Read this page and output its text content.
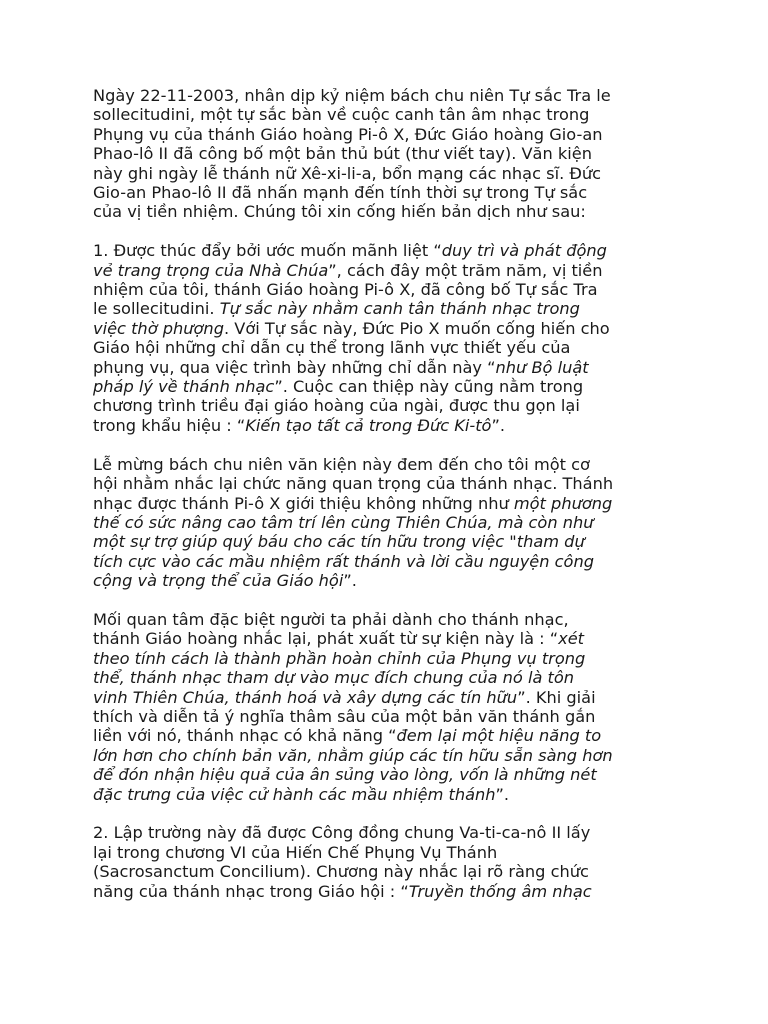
Ngày 22-11-2003, nhân dịp kỷ niệm bách chu niên Tự sắc Tra le
sollecitudini, một tự sắc bàn về cuộc canh tân âm nhạc trong
Phụng vụ của thánh Giáo hoàng Pi-ô X, Đức Giáo hoàng Gio-an
Phao-lô II đã công bố một bản thủ bút (thư viết tay). Văn kiện
này ghi ngày lễ thánh nữ Xê-xi-li-a, bổn mạng các nhạc sĩ. Đức
Gio-an Phao-lô II đã nhấn mạnh đến tính thời sự trong Tự sắc
của vị tiền nhiệm. Chúng tôi xin cống hiến bản dịch như sau:

1. Được thúc đẩy bởi ước muốn mãnh liệt “duy trì và phát động
vẻ trang trọng của Nhà Chúa”, cách đây một trăm năm, vị tiền
nhiệm của tôi, thánh Giáo hoàng Pi-ô X, đã công bố Tự sắc Tra
le sollecitudini. Tự sắc này nhằm canh tân thánh nhạc trong
việc thờ phượng. Với Tự sắc này, Đức Pio X muốn cống hiến cho
Giáo hội những chỉ dẫn cụ thể trong lãnh vực thiết yếu của
phụng vụ, qua việc trình bày những chỉ dẫn này “như Bộ luật
pháp lý về thánh nhạc”. Cuộc can thiệp này cũng nằm trong
chương trình triều đại giáo hoàng của ngài, được thu gọn lại
trong khẩu hiệu : “Kiến tạo tất cả trong Đức Ki-tô”.

Lễ mừng bách chu niên văn kiện này đem đến cho tôi một cơ
hội nhằm nhắc lại chức năng quan trọng của thánh nhạc. Thánh
nhạc được thánh Pi-ô X giới thiệu không những như một phương
thế có sức nâng cao tâm trí lên cùng Thiên Chúa, mà còn như
một sự trợ giúp quý báu cho các tín hữu trong việc "tham dự
tích cực vào các mầu nhiệm rất thánh và lời cầu nguyện công
cộng và trọng thể của Giáo hội”.

Mối quan tâm đặc biệt người ta phải dành cho thánh nhạc,
thánh Giáo hoàng nhắc lại, phát xuất từ sự kiện này là : “xét
theo tính cách là thành phần hoàn chỉnh của Phụng vụ trọng
thể, thánh nhạc tham dự vào mục đích chung của nó là tôn
vinh Thiên Chúa, thánh hoá và xây dựng các tín hữu”. Khi giải
thích và diễn tả ý nghĩa thâm sâu của một bản văn thánh gắn
liền với nó, thánh nhạc có khả năng “đem lại một hiệu năng to
lớn hơn cho chính bản văn, nhằm giúp các tín hữu sẵn sàng hơn
để đón nhận hiệu quả của ân sủng vào lòng, vốn là những nét
đặc trưng của việc cử hành các mầu nhiệm thánh”.

2. Lập trường này đã được Công đồng chung Va-ti-ca-nô II lấy
lại trong chương VI của Hiến Chế Phụng Vụ Thánh
(Sacrosanctum Concilium). Chương này nhắc lại rõ ràng chức
năng của thánh nhạc trong Giáo hội : “Truyền thống âm nhạc
